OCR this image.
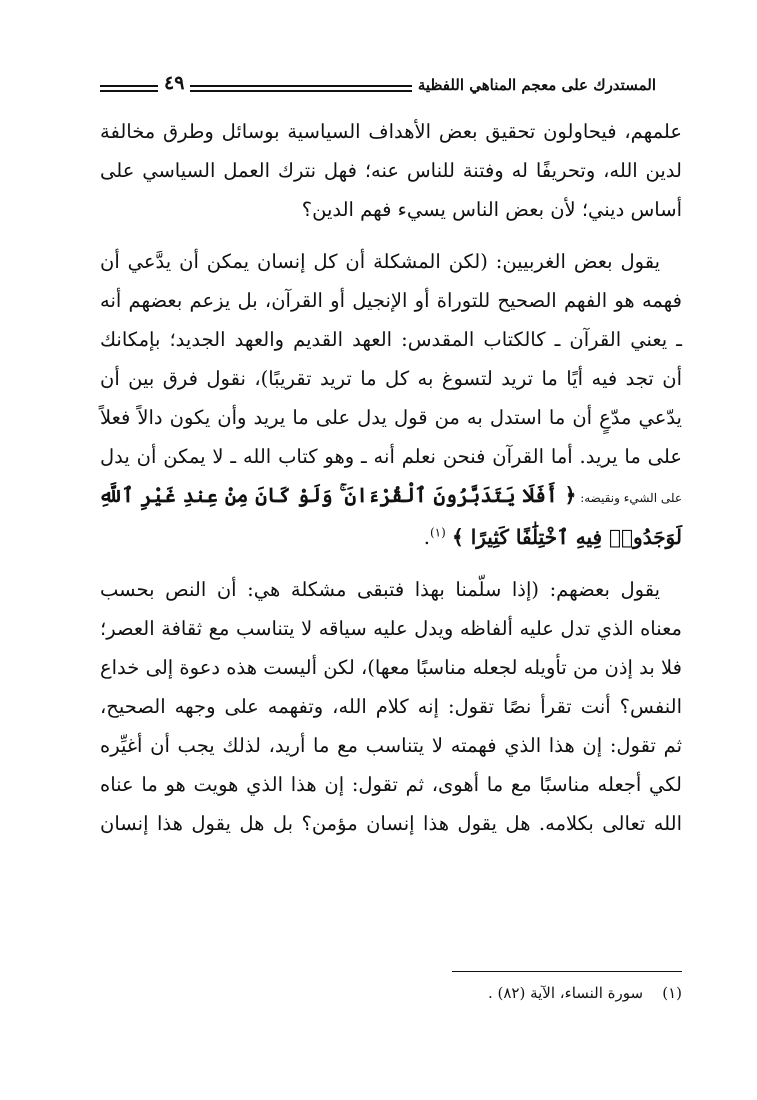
المستدرك على معجم المناهي اللفظية
٤٩
علمهم، فيحاولون تحقيق بعض الأهداف السياسية بوسائل وطرق مخالفة
لدين الله، وتحريفًا له وفتنة للناس عنه؛ فهل نترك العمل السياسي على
أساس ديني؛ لأن بعض الناس يسيء فهم الدين؟
يقول بعض الغربيين: (لكن المشكلة أن كل إنسان يمكن أن يدَّعي أن
فهمه هو الفهم الصحيح للتوراة أو الإنجيل أو القرآن، بل يزعم بعضهم أنه
ـ يعني القرآن ـ كالكتاب المقدس: العهد القديم والعهد الجديد؛ بإمكانك
أن تجد فيه أيًا ما تريد لتسوغ به كل ما تريد تقريبًا)، نقول فرق بين أن
يدّعي مدّعٍ أن ما استدل به من قول يدل على ما يريد وأن يكون دالاً فعلاً
على ما يريد. أما القرآن فنحن نعلم أنه ـ وهو كتاب الله ـ لا يمكن أن يدل
على الشيء ونقيضه: ﴿ أَفَلَا يَتَدَبَّرُونَ ٱلْقُرْءَانَ ۚ وَلَوْ كَانَ مِنْ عِندِ غَيْرِ ٱللَّهِ
لَوَجَدُوا۟ فِيهِ ٱخْتِلَٰفًا كَثِيرًا ﴾ $^{(١)}$.
يقول بعضهم: (إذا سلّمنا بهذا فتبقى مشكلة هي: أن النص بحسب
معناه الذي تدل عليه ألفاظه ويدل عليه سياقه لا يتناسب مع ثقافة العصر؛
فلا بد إذن من تأويله لجعله مناسبًا معها)، لكن أليست هذه دعوة إلى خداع
النفس؟ أنت تقرأ نصًا تقول: إنه كلام الله، وتفهمه على وجهه الصحيح،
ثم تقول: إن هذا الذي فهمته لا يتناسب مع ما أريد، لذلك يجب أن أغيِّره
لكي أجعله مناسبًا مع ما أهوى، ثم تقول: إن هذا الذي هويت هو ما عناه
الله تعالى بكلامه. هل يقول هذا إنسان مؤمن؟ بل هل يقول هذا إنسان
(١)    سورة النساء، الآية (٨٢) .
